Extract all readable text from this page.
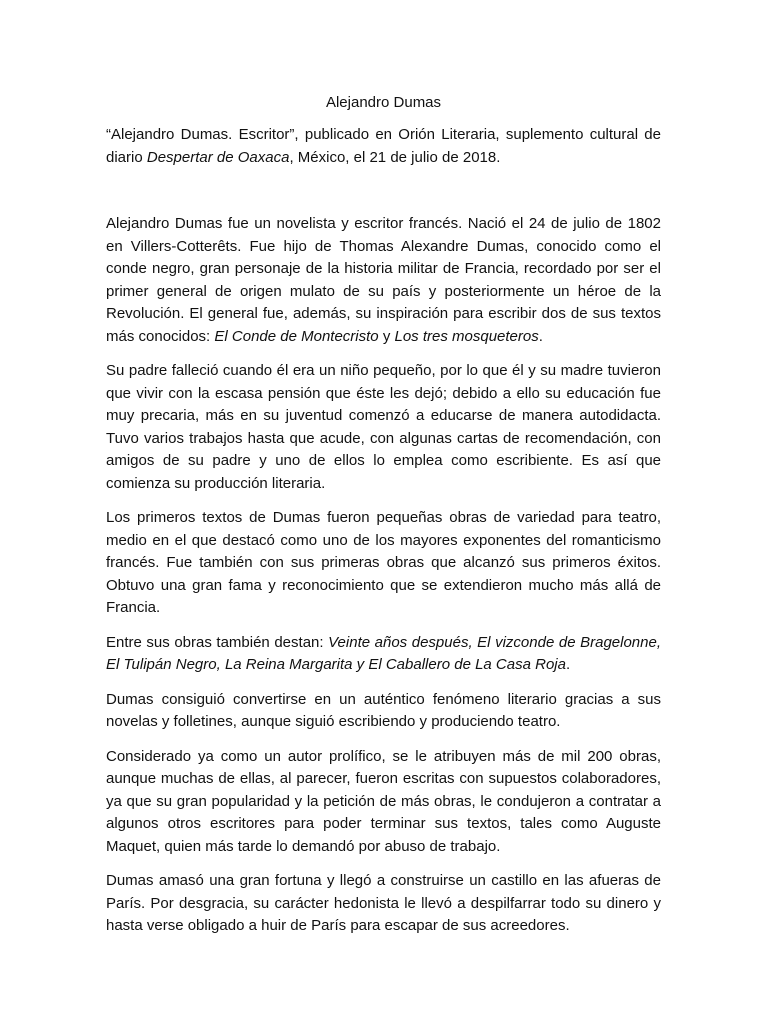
Alejandro Dumas

“Alejandro Dumas. Escritor”, publicado en Orión Literaria, suplemento cultural de diario Despertar de Oaxaca, México, el 21 de julio de 2018.

Alejandro Dumas fue un novelista y escritor francés. Nació el 24 de julio de 1802 en Villers-Cotterêts. Fue hijo de Thomas Alexandre Dumas, conocido como el conde negro, gran personaje de la historia militar de Francia, recordado por ser el primer general de origen mulato de su país y posteriormente un héroe de la Revolución. El general fue, además, su inspiración para escribir dos de sus textos más conocidos: El Conde de Montecristo y Los tres mosqueteros.

Su padre falleció cuando él era un niño pequeño, por lo que él y su madre tuvieron que vivir con la escasa pensión que éste les dejó; debido a ello su educación fue muy precaria, más en su juventud comenzó a educarse de manera autodidacta. Tuvo varios trabajos hasta que acude, con algunas cartas de recomendación, con amigos de su padre y uno de ellos lo emplea como escribiente. Es así que comienza su producción literaria.

Los primeros textos de Dumas fueron pequeñas obras de variedad para teatro, medio en el que destacó como uno de los mayores exponentes del romanticismo francés. Fue también con sus primeras obras que alcanzó sus primeros éxitos. Obtuvo una gran fama y reconocimiento que se extendieron mucho más allá de Francia.

Entre sus obras también destan: Veinte años después, El vizconde de Bragelonne, El Tulipán Negro, La Reina Margarita y El Caballero de La Casa Roja.

Dumas consiguió convertirse en un auténtico fenómeno literario gracias a sus novelas y folletines, aunque siguió escribiendo y produciendo teatro.

Considerado ya como un autor prolífico, se le atribuyen más de mil 200 obras, aunque muchas de ellas, al parecer, fueron escritas con supuestos colaboradores, ya que su gran popularidad y la petición de más obras, le condujeron a contratar a algunos otros escritores para poder terminar sus textos, tales como Auguste Maquet, quien más tarde lo demandó por abuso de trabajo.

Dumas amasó una gran fortuna y llegó a construirse un castillo en las afueras de París. Por desgracia, su carácter hedonista le llevó a despilfarrar todo su dinero y hasta verse obligado a huir de París para escapar de sus acreedores.
